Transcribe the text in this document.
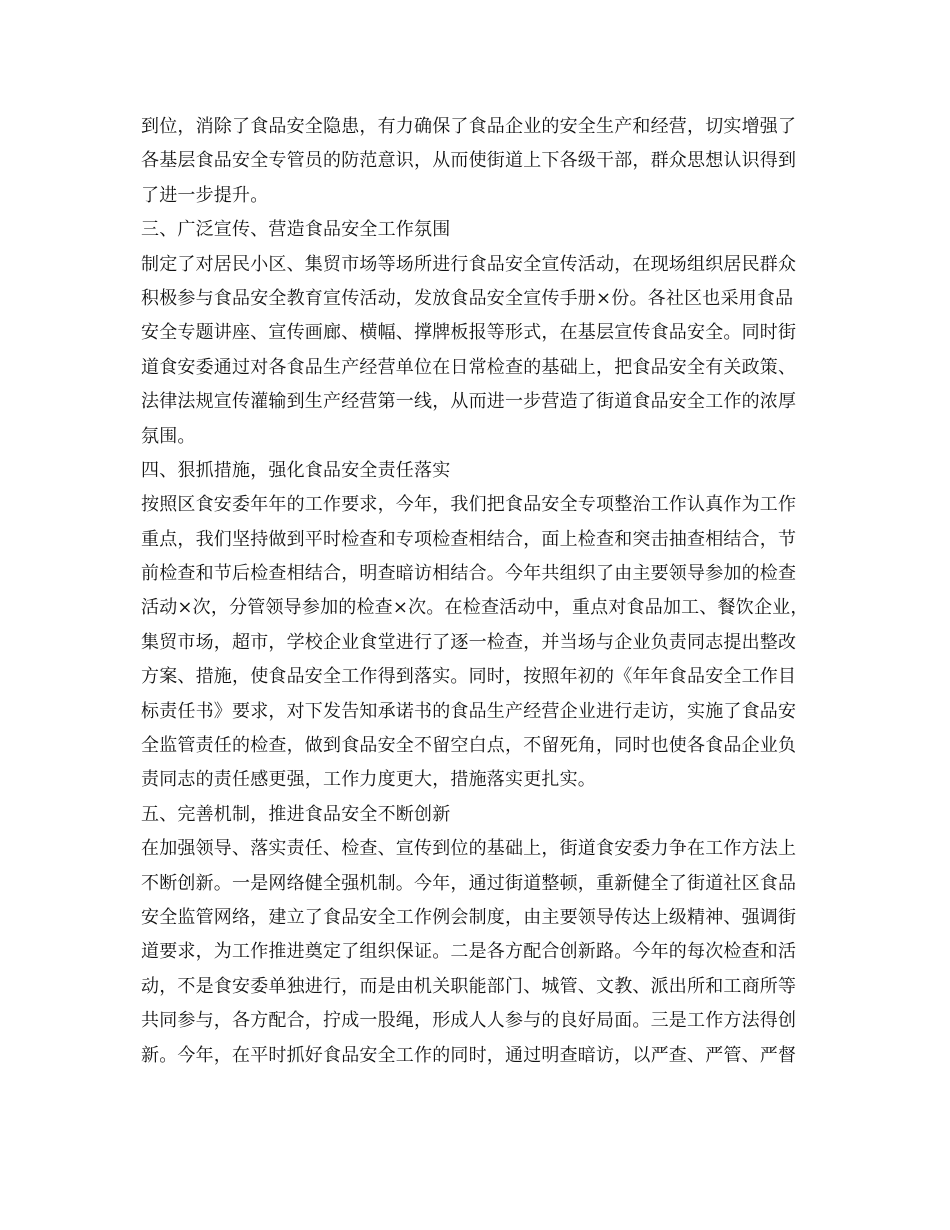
到位，消除了食品安全隐患，有力确保了食品企业的安全生产和经营，切实增强了
各基层食品安全专管员的防范意识，从而使街道上下各级干部，群众思想认识得到
了进一步提升。
三、广泛宣传、营造食品安全工作氛围
制定了对居民小区、集贸市场等场所进行食品安全宣传活动，在现场组织居民群众
积极参与食品安全教育宣传活动，发放食品安全宣传手册×份。各社区也采用食品
安全专题讲座、宣传画廊、横幅、撑牌板报等形式，在基层宣传食品安全。同时街
道食安委通过对各食品生产经营单位在日常检查的基础上，把食品安全有关政策、
法律法规宣传灌输到生产经营第一线，从而进一步营造了街道食品安全工作的浓厚
氛围。
四、狠抓措施，强化食品安全责任落实
按照区食安委年年的工作要求，今年，我们把食品安全专项整治工作认真作为工作
重点，我们坚持做到平时检查和专项检查相结合，面上检查和突击抽查相结合，节
前检查和节后检查相结合，明查暗访相结合。今年共组织了由主要领导参加的检查
活动×次，分管领导参加的检查×次。在检查活动中，重点对食品加工、餐饮企业，
集贸市场，超市，学校企业食堂进行了逐一检查，并当场与企业负责同志提出整改
方案、措施，使食品安全工作得到落实。同时，按照年初的《年年食品安全工作目
标责任书》要求，对下发告知承诺书的食品生产经营企业进行走访，实施了食品安
全监管责任的检查，做到食品安全不留空白点，不留死角，同时也使各食品企业负
责同志的责任感更强，工作力度更大，措施落实更扎实。
五、完善机制，推进食品安全不断创新
在加强领导、落实责任、检查、宣传到位的基础上，街道食安委力争在工作方法上
不断创新。一是网络健全强机制。今年，通过街道整顿，重新健全了街道社区食品
安全监管网络，建立了食品安全工作例会制度，由主要领导传达上级精神、强调街
道要求，为工作推进奠定了组织保证。二是各方配合创新路。今年的每次检查和活
动，不是食安委单独进行，而是由机关职能部门、城管、文教、派出所和工商所等
共同参与，各方配合，拧成一股绳，形成人人参与的良好局面。三是工作方法得创
新。今年，在平时抓好食品安全工作的同时，通过明查暗访，以严查、严管、严督
